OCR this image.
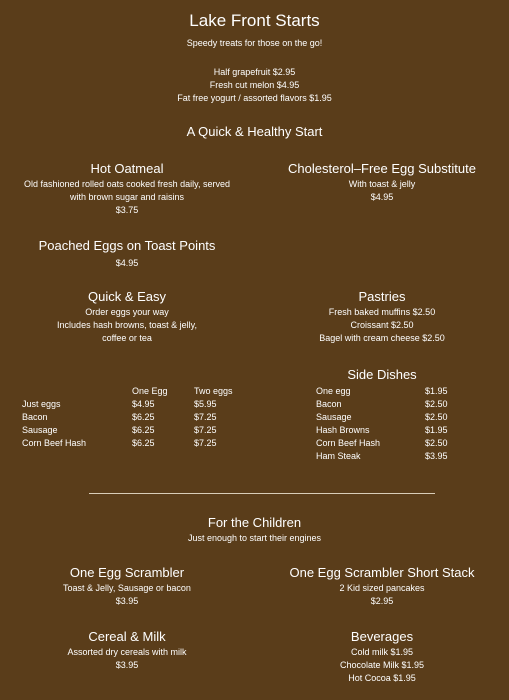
Lake Front Starts
Speedy treats for those on the go!
Half grapefruit $2.95
Fresh cut melon $4.95
Fat free yogurt / assorted flavors $1.95
A Quick & Healthy Start
Hot Oatmeal
Old fashioned rolled oats cooked fresh daily, served
with brown sugar and raisins
$3.75
Cholesterol–Free Egg Substitute
With toast & jelly
$4.95
Poached Eggs on Toast Points
$4.95
Quick & Easy
Order eggs your way
Includes hash browns, toast & jelly,
coffee or tea
Pastries
Fresh baked muffins $2.50
Croissant $2.50
Bagel with cream cheese $2.50
	One Egg	Two eggs
Just eggs	$4.95	$5.95
Bacon	$6.25	$7.25
Sausage	$6.25	$7.25
Corn Beef Hash	$6.25	$7.25
Side Dishes
One egg	$1.95
Bacon	$2.50
Sausage	$2.50
Hash Browns	$1.95
Corn Beef Hash	$2.50
Ham Steak	$3.95
For the Children
Just enough to start their engines
One Egg Scrambler
Toast & Jelly, Sausage or bacon
$3.95
One Egg Scrambler Short Stack
2 Kid sized pancakes
$2.95
Cereal & Milk
Assorted dry cereals with milk
$3.95
Beverages
Cold milk $1.95
Chocolate Milk $1.95
Hot Cocoa $1.95
